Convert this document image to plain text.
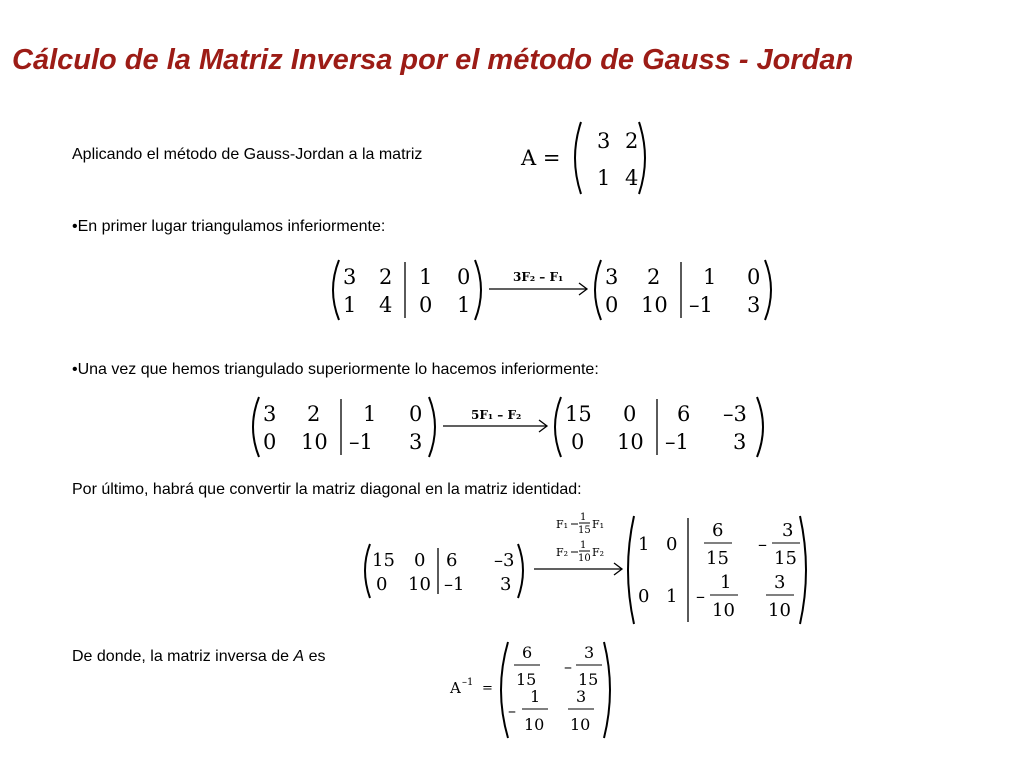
Cálculo de la Matriz Inversa por el método de Gauss - Jordan
Aplicando el método de Gauss-Jordan a la matriz	A =
3 2
1 4
•En primer lugar triangulamos inferiormente:
3 2 1 0
1 4 0 1
3F₂ – F₁ 3 2 1 0
0 10 –1 3
•Una vez que hemos triangulado superiormente lo hacemos inferiormente:
3 2 1 0
0 10 –1 3
5F₁ – F₂ 15 0 6 –3
0 10 –1 3
Por último, habrá que convertir la matriz diagonal en la matriz identidad:
15 0 6 –3
0 10 –1 3
F₁
1
15 F₁
F₂
1
10 F₂ 1 0
6
15
–
3
15
0 1 –
1
10
3
10
De donde, la matriz inversa de A es
A –1 =
6
15
–
3
15
–
1
10
3
10
